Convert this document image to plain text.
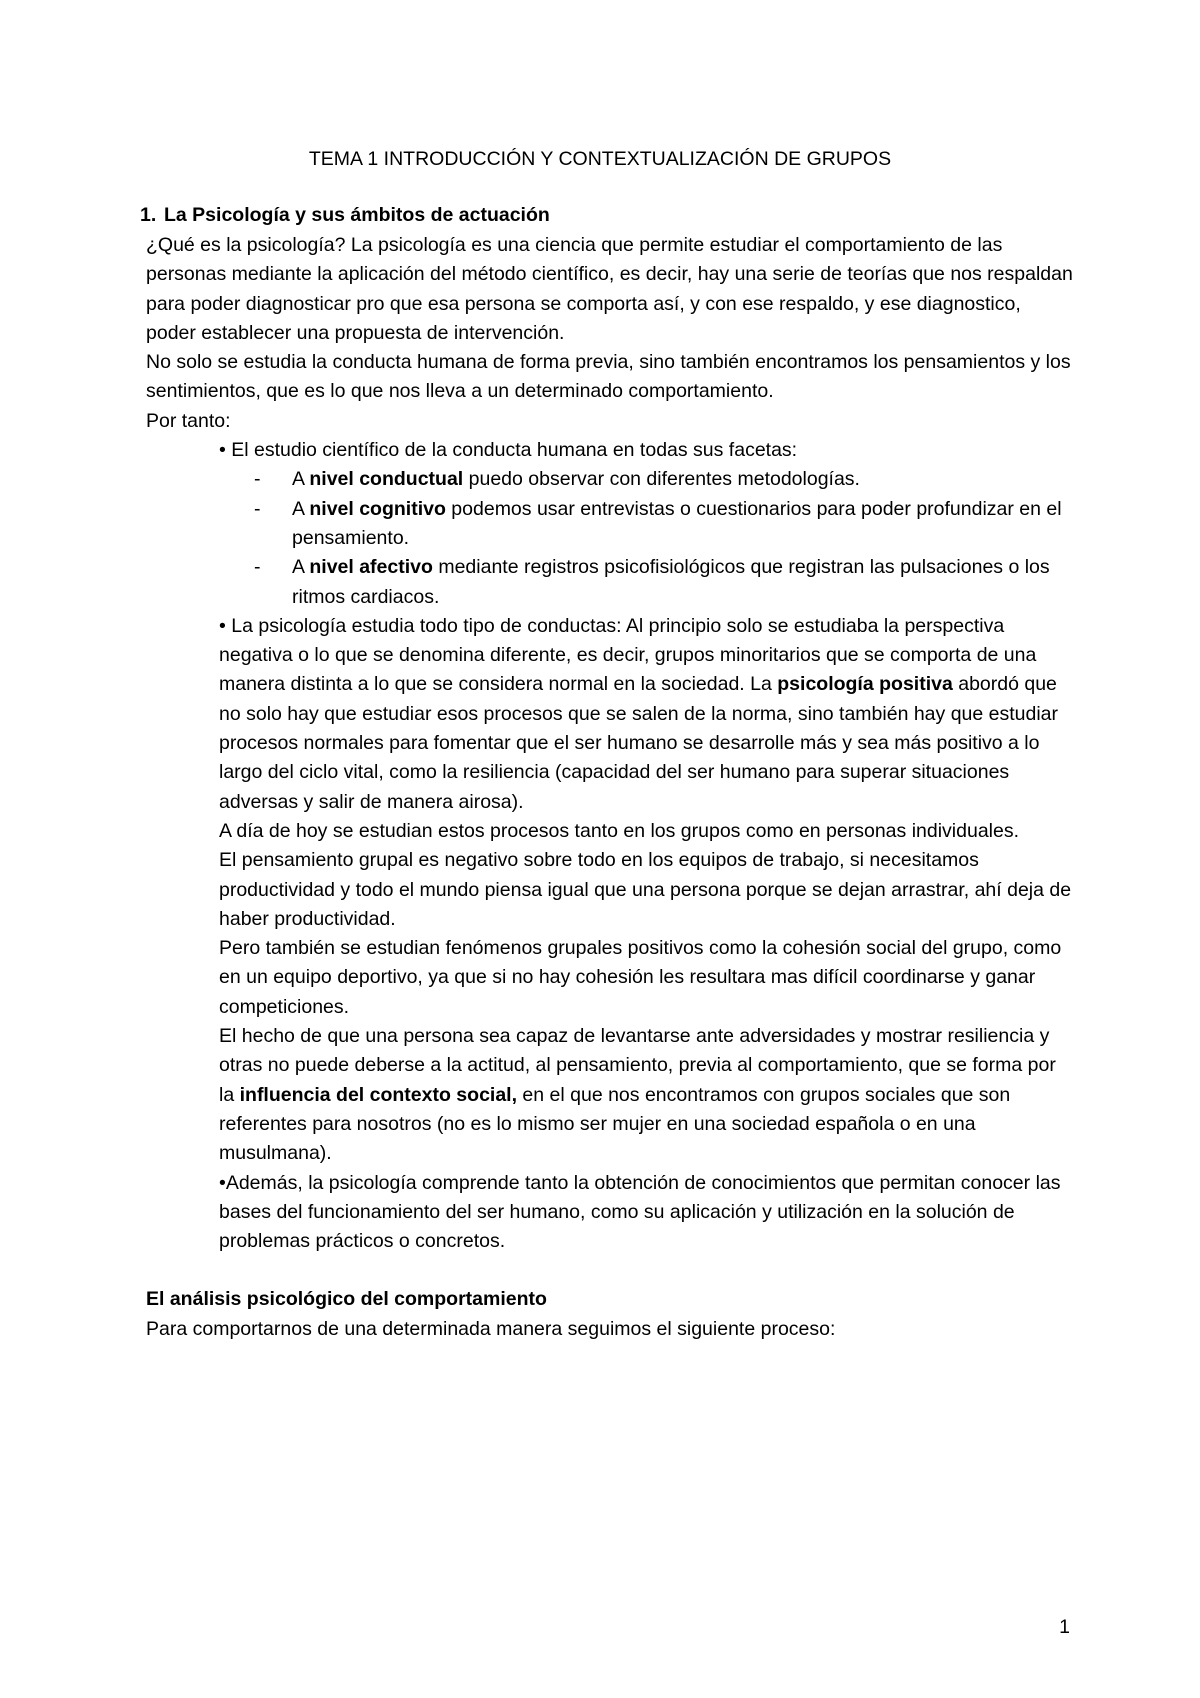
TEMA 1 INTRODUCCIÓN Y CONTEXTUALIZACIÓN DE GRUPOS
1. La Psicología y sus ámbitos de actuación

¿Qué es la psicología? La psicología es una ciencia que permite estudiar el comportamiento de las personas mediante la aplicación del método científico, es decir, hay una serie de teorías que nos respaldan para poder diagnosticar pro que esa persona se comporta así, y con ese respaldo, y ese diagnostico, poder establecer una propuesta de intervención.

No solo se estudia la conducta humana de forma previa, sino también encontramos los pensamientos y los sentimientos, que es lo que nos lleva a un determinado comportamiento.

Por tanto:

• El estudio científico de la conducta humana en todas sus facetas:

- A nivel conductual puedo observar con diferentes metodologías.

- A nivel cognitivo podemos usar entrevistas o cuestionarios para poder profundizar en el pensamiento.

- A nivel afectivo mediante registros psicofisiológicos que registran las pulsaciones o los ritmos cardiacos.

• La psicología estudia todo tipo de conductas: Al principio solo se estudiaba la perspectiva negativa o lo que se denomina diferente, es decir, grupos minoritarios que se comporta de una manera distinta a lo que se considera normal en la sociedad. La psicología positiva abordó que no solo hay que estudiar esos procesos que se salen de la norma, sino también hay que estudiar procesos normales para fomentar que el ser humano se desarrolle más y sea más positivo a lo largo del ciclo vital, como la resiliencia (capacidad del ser humano para superar situaciones adversas y salir de manera airosa).

A día de hoy se estudian estos procesos tanto en los grupos como en personas individuales.

El pensamiento grupal es negativo sobre todo en los equipos de trabajo, si necesitamos productividad y todo el mundo piensa igual que una persona porque se dejan arrastrar, ahí deja de haber productividad.

Pero también se estudian fenómenos grupales positivos como la cohesión social del grupo, como en un equipo deportivo, ya que si no hay cohesión les resultara mas difícil coordinarse y ganar competiciones.

El hecho de que una persona sea capaz de levantarse ante adversidades y mostrar resiliencia y otras no puede deberse a la actitud, al pensamiento, previa al comportamiento, que se forma por la influencia del contexto social, en el que nos encontramos con grupos sociales que son referentes para nosotros (no es lo mismo ser mujer en una sociedad española o en una musulmana).

•Además, la psicología comprende tanto la obtención de conocimientos que permitan conocer las bases del funcionamiento del ser humano, como su aplicación y utilización en la solución de problemas prácticos o concretos.

El análisis psicológico del comportamiento

Para comportarnos de una determinada manera seguimos el siguiente proceso:

1
